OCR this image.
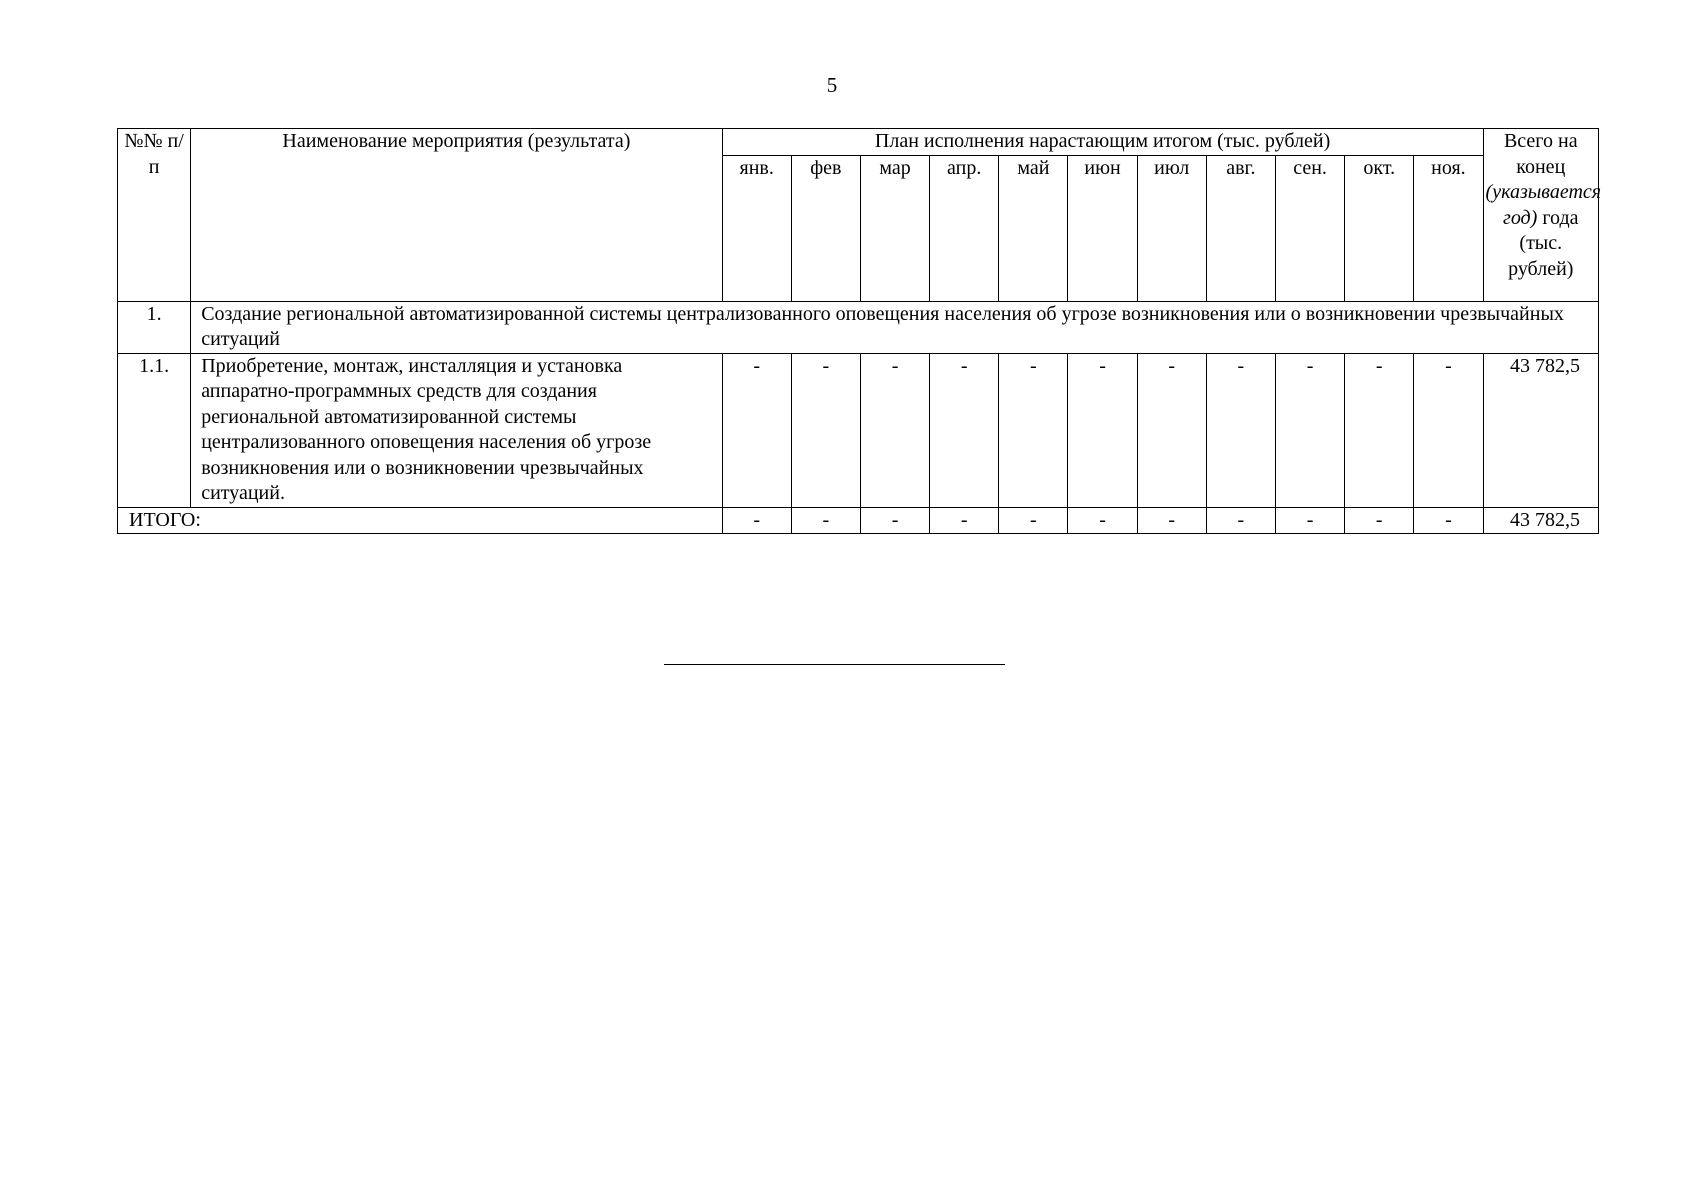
5
№№ п/п	Наименование мероприятия (результата)	План исполнения нарастающим итогом (тыс. рублей)											Всего на конец (указывается год) года (тыс. рублей)
		янв.	фев	мар	апр.	май	июн	июл	авг.	сен.	окт.	ноя.	
1.	Создание региональной автоматизированной системы централизованного оповещения населения об угрозе возникновения или о возникновении чрезвычайных ситуаций												
1.1.	Приобретение, монтаж, инсталляция и установка аппаратно-программных средств для создания региональной автоматизированной системы централизованного оповещения населения об угрозе возникновения или о возникновении чрезвычайных ситуаций.	-	-	-	-	-	-	-	-	-	-	-	43 782,5
ИТОГО:		-	-	-	-	-	-	-	-	-	-	-	43 782,5
